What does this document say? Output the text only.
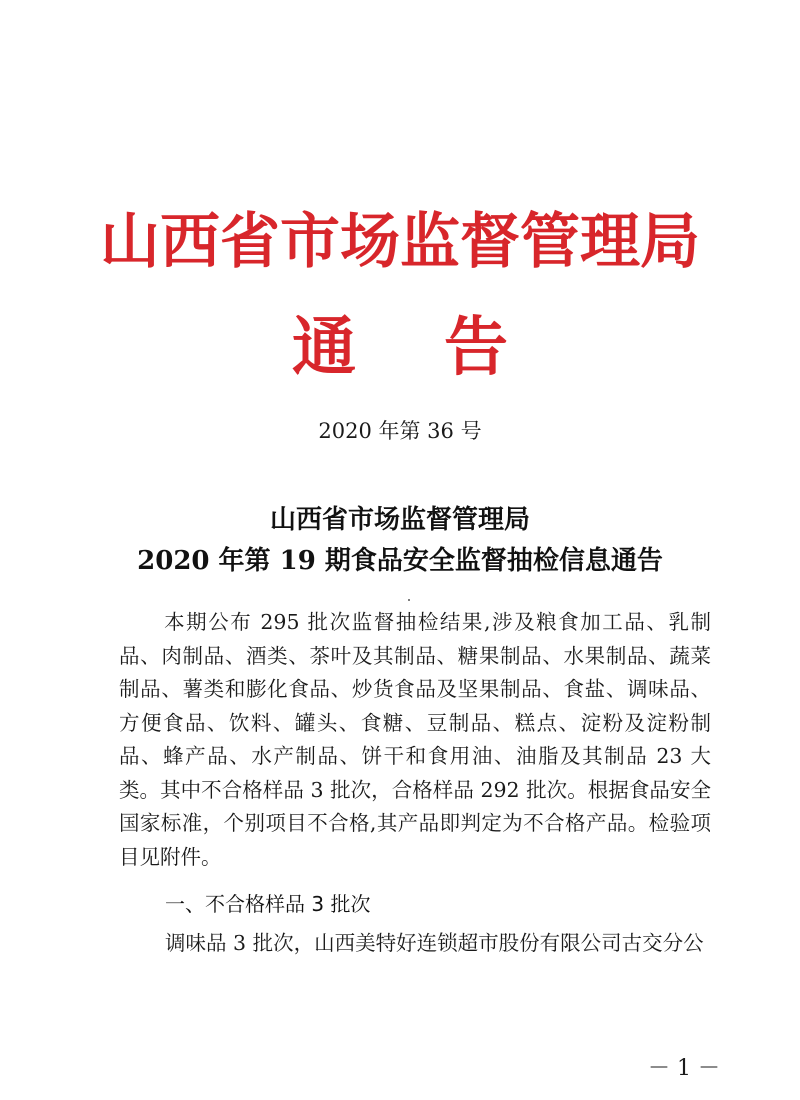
山西省市场监督管理局
通 告
2020 年第 36 号
山西省市场监督管理局
2020 年第 19 期食品安全监督抽检信息通告

本期公布 295 批次监督抽检结果,涉及粮食加工品、乳制品、肉制品、酒类、茶叶及其制品、糖果制品、水果制品、蔬菜制品、薯类和膨化食品、炒货食品及坚果制品、食盐、调味品、方便食品、饮料、罐头、食糖、豆制品、糕点、淀粉及淀粉制品、蜂产品、水产制品、饼干和食用油、油脂及其制品 23 大类。其中不合格样品 3 批次，合格样品 292 批次。根据食品安全国家标准，个别项目不合格,其产品即判定为不合格产品。检验项目见附件。

一、不合格样品 3 批次

调味品 3 批次，山西美特好连锁超市股份有限公司古交分公

－ 1 －
